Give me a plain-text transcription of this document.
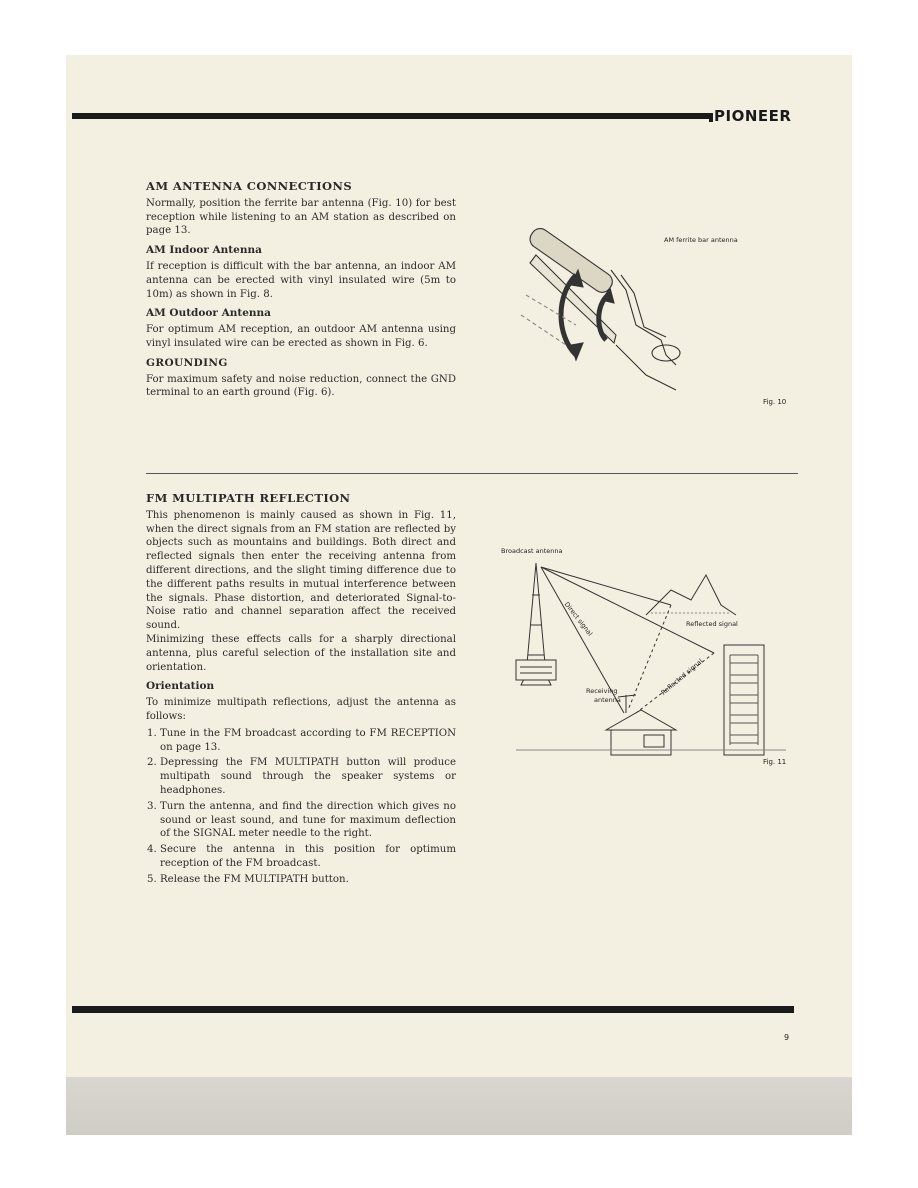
PIONEER
AM ANTENNA CONNECTIONS

Normally, position the ferrite bar antenna (Fig. 10) for best reception while listening to an AM station as described on page 13.

AM Indoor Antenna

If reception is difficult with the bar antenna, an indoor AM antenna can be erected with vinyl insulated wire (5m to 10m) as shown in Fig. 8.

AM Outdoor Antenna

For optimum AM reception, an outdoor AM antenna using vinyl insulated wire can be erected as shown in Fig. 6.

GROUNDING

For maximum safety and noise reduction, connect the GND terminal to an earth ground (Fig. 6).

AM ferrite bar antenna
Fig. 10
FM MULTIPATH REFLECTION

This phenomenon is mainly caused as shown in Fig. 11, when the direct signals from an FM station are reflected by objects such as mountains and buildings. Both direct and reflected signals then enter the receiving antenna from different directions, and the slight timing difference due to the different paths results in mutual interference between the signals. Phase distortion, and deteriorated Signal-to-Noise ratio and channel separation affect the received sound.

Minimizing these effects calls for a sharply directional antenna, plus careful selection of the installation site and orientation.

Orientation

To minimize multipath reflections, adjust the antenna as follows:

1. Tune in the FM broadcast according to FM RECEPTION on page 13.
2. Depressing the FM MULTIPATH button will produce multipath sound through the speaker systems or headphones.
3. Turn the antenna, and find the direction which gives no sound or least sound, and tune for maximum deflection of the SIGNAL meter needle to the right.
4. Secure the antenna in this position for optimum reception of the FM broadcast.
5. Release the FM MULTIPATH button.
Broadcast antenna
Direct signal	Reflected signal
Reflected signal
Receiving
antenna
Fig. 11
9
